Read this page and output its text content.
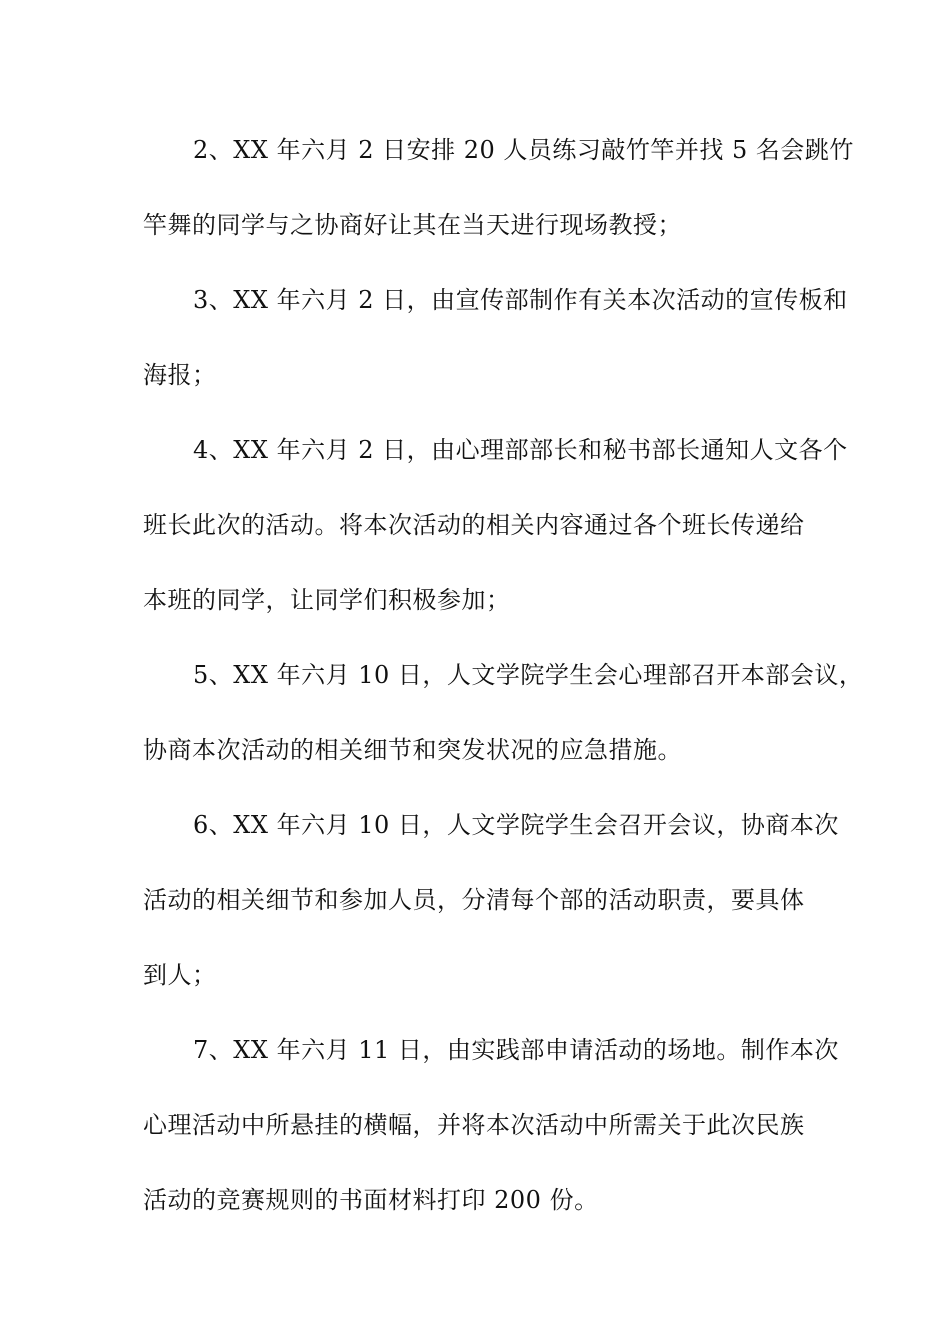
2、XX 年六月 2 日安排 20 人员练习敲竹竿并找 5 名会跳竹
竿舞的同学与之协商好让其在当天进行现场教授；
3、XX 年六月 2 日，由宣传部制作有关本次活动的宣传板和
海报；
4、XX 年六月 2 日，由心理部部长和秘书部长通知人文各个
班长此次的活动。将本次活动的相关内容通过各个班长传递给
本班的同学，让同学们积极参加；
5、XX 年六月 10 日，人文学院学生会心理部召开本部会议，
协商本次活动的相关细节和突发状况的应急措施。
6、XX 年六月 10 日，人文学院学生会召开会议，协商本次
活动的相关细节和参加人员，分清每个部的活动职责，要具体
到人；
7、XX 年六月 11 日，由实践部申请活动的场地。制作本次
心理活动中所悬挂的横幅，并将本次活动中所需关于此次民族
活动的竞赛规则的书面材料打印 200 份。
